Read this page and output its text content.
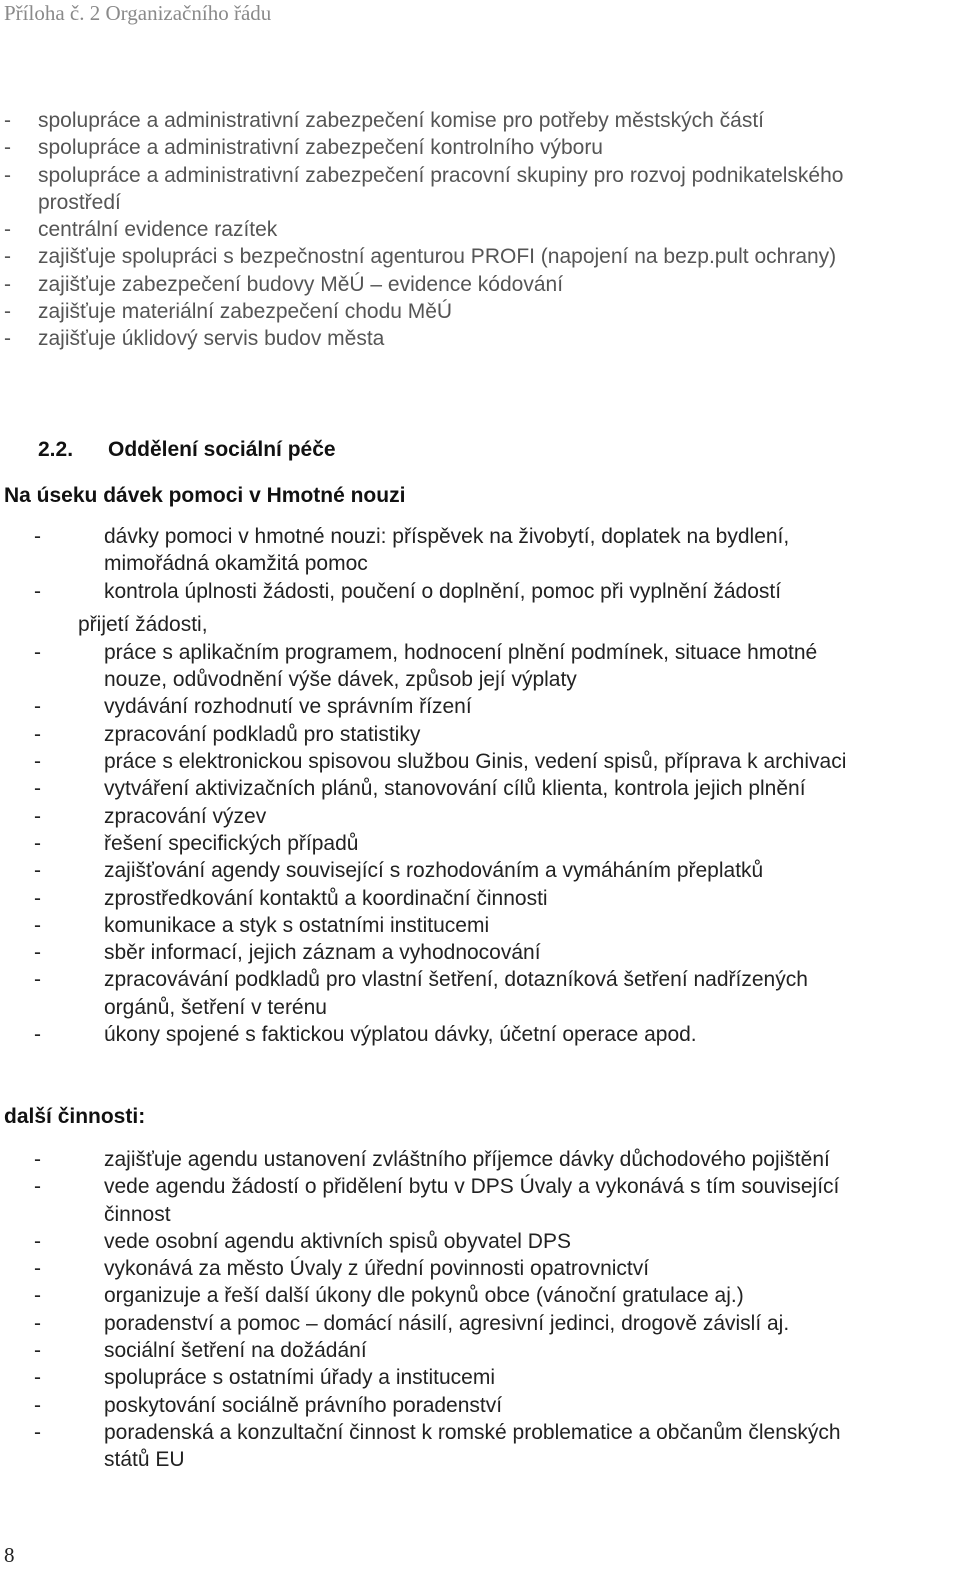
Příloha č. 2 Organizačního řádu
- spolupráce a administrativní zabezpečení komise pro potřeby městských částí
- spolupráce a administrativní zabezpečení kontrolního výboru
- spolupráce a administrativní zabezpečení pracovní skupiny pro rozvoj podnikatelského
prostředí
- centrální evidence razítek
- zajišťuje spolupráci s bezpečnostní agenturou PROFI (napojení na bezp.pult ochrany)
- zajišťuje zabezpečení budovy MěÚ – evidence kódování
- zajišťuje materiální zabezpečení chodu MěÚ
- zajišťuje úklidový servis budov města
2.2. Oddělení sociální péče
Na úseku dávek pomoci v Hmotné nouzi
-	dávky pomoci v hmotné nouzi: příspěvek na živobytí, doplatek na bydlení,
mimořádná okamžitá pomoc
-	kontrola úplnosti žádosti, poučení o doplnění, pomoc při vyplnění žádostí
-	práce s aplikačním programem, hodnocení plnění podmínek, situace hmotné
nouze, odůvodnění výše dávek, způsob její výplaty
-	vydávání rozhodnutí ve správním řízení
-	zpracování podkladů pro statistiky
-	práce s elektronickou spisovou službou Ginis, vedení spisů, příprava k archivaci
-	vytváření aktivizačních plánů, stanovování cílů klienta, kontrola jejich plnění
-	zpracování výzev
-	řešení specifických případů
-	zajišťování agendy související s rozhodováním a vymáháním přeplatků
-	zprostředkování kontaktů a koordinační činnosti
-	komunikace a styk s ostatními institucemi
-	sběr informací, jejich záznam a vyhodnocování
-	zpracovávání podkladů pro vlastní šetření, dotazníková šetření nadřízených
orgánů, šetření v terénu
-	úkony spojené s faktickou výplatou dávky, účetní operace apod.
přijetí žádosti,
další činnosti:
-	zajišťuje agendu ustanovení zvláštního příjemce dávky důchodového pojištění
-	vede agendu žádostí o přidělení bytu v DPS Úvaly a vykonává s tím související
činnost
-	vede osobní agendu aktivních spisů obyvatel DPS
-	vykonává za město Úvaly z úřední povinnosti opatrovnictví
-	organizuje a řeší další úkony dle pokynů obce (vánoční gratulace aj.)
-	poradenství a pomoc – domácí násilí, agresivní jedinci, drogově závislí aj.
-	sociální šetření na dožádání
-	spolupráce s ostatními úřady a institucemi
-	poskytování sociálně právního poradenství
-	poradenská a konzultační činnost k romské problematice a občanům členských
států EU
8
